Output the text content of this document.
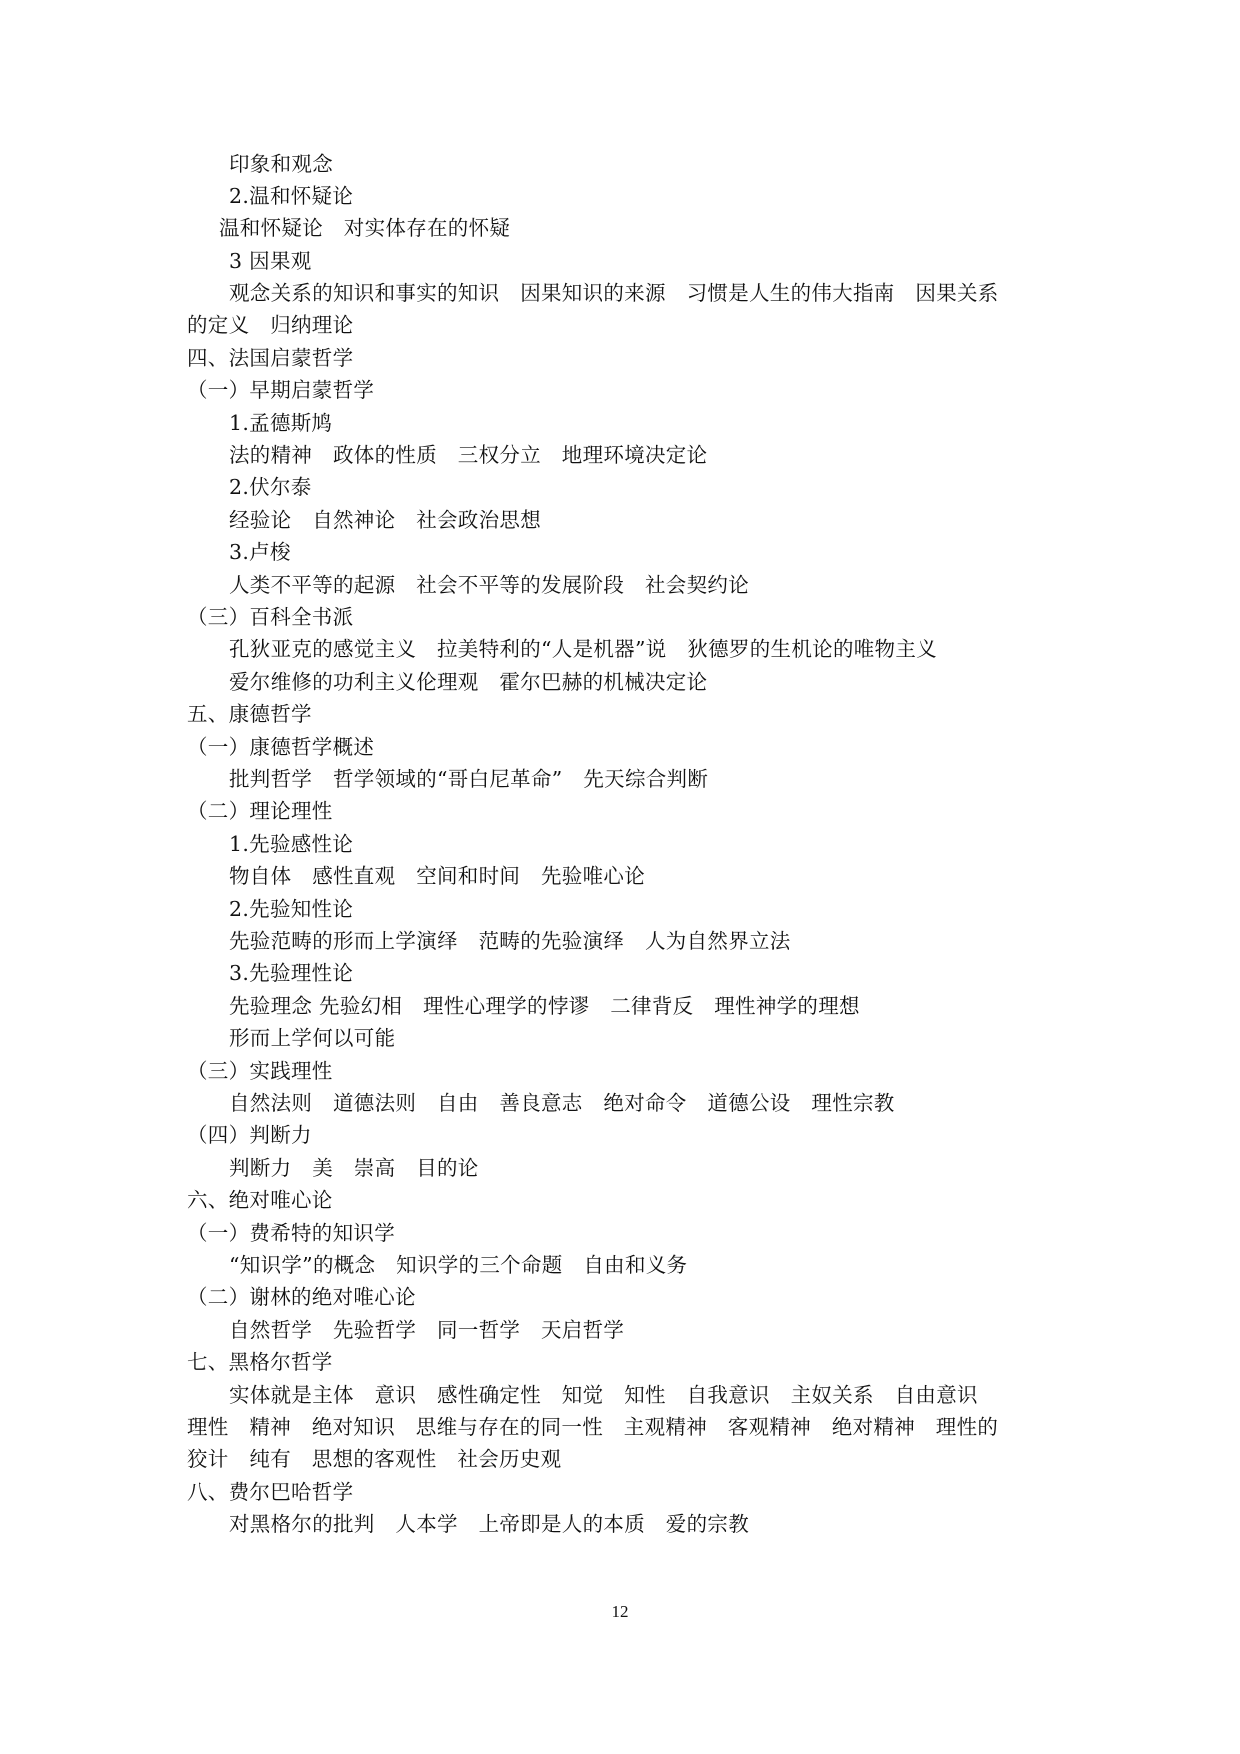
印象和观念
2.温和怀疑论
温和怀疑论　对实体存在的怀疑
3 因果观
观念关系的知识和事实的知识　因果知识的来源　习惯是人生的伟大指南　因果关系
的定义　归纳理论
四、法国启蒙哲学
（一）早期启蒙哲学
1.孟德斯鸠
法的精神　政体的性质　三权分立　地理环境决定论
2.伏尔泰
经验论　自然神论　社会政治思想
3.卢梭
人类不平等的起源　社会不平等的发展阶段　社会契约论
（三）百科全书派
孔狄亚克的感觉主义　拉美特利的“人是机器”说　狄德罗的生机论的唯物主义
爱尔维修的功利主义伦理观　霍尔巴赫的机械决定论
五、康德哲学
（一）康德哲学概述
批判哲学　哲学领域的“哥白尼革命”　先天综合判断
（二）理论理性
1.先验感性论
物自体　感性直观　空间和时间　先验唯心论
2.先验知性论
先验范畴的形而上学演绎　范畴的先验演绎　人为自然界立法
3.先验理性论
先验理念 先验幻相　理性心理学的悖谬　二律背反　理性神学的理想
形而上学何以可能
（三）实践理性
自然法则　道德法则　自由　善良意志　绝对命令　道德公设　理性宗教
（四）判断力
判断力　美　崇高　目的论
六、绝对唯心论
（一）费希特的知识学
“知识学”的概念　知识学的三个命题　自由和义务
（二）谢林的绝对唯心论
自然哲学　先验哲学　同一哲学　天启哲学
七、黑格尔哲学
实体就是主体　意识　感性确定性　知觉　知性　自我意识　主奴关系　自由意识
理性　精神　绝对知识　思维与存在的同一性　主观精神　客观精神　绝对精神　理性的
狡计　纯有　思想的客观性　社会历史观
八、费尔巴哈哲学
对黑格尔的批判　人本学　上帝即是人的本质　爱的宗教
12
